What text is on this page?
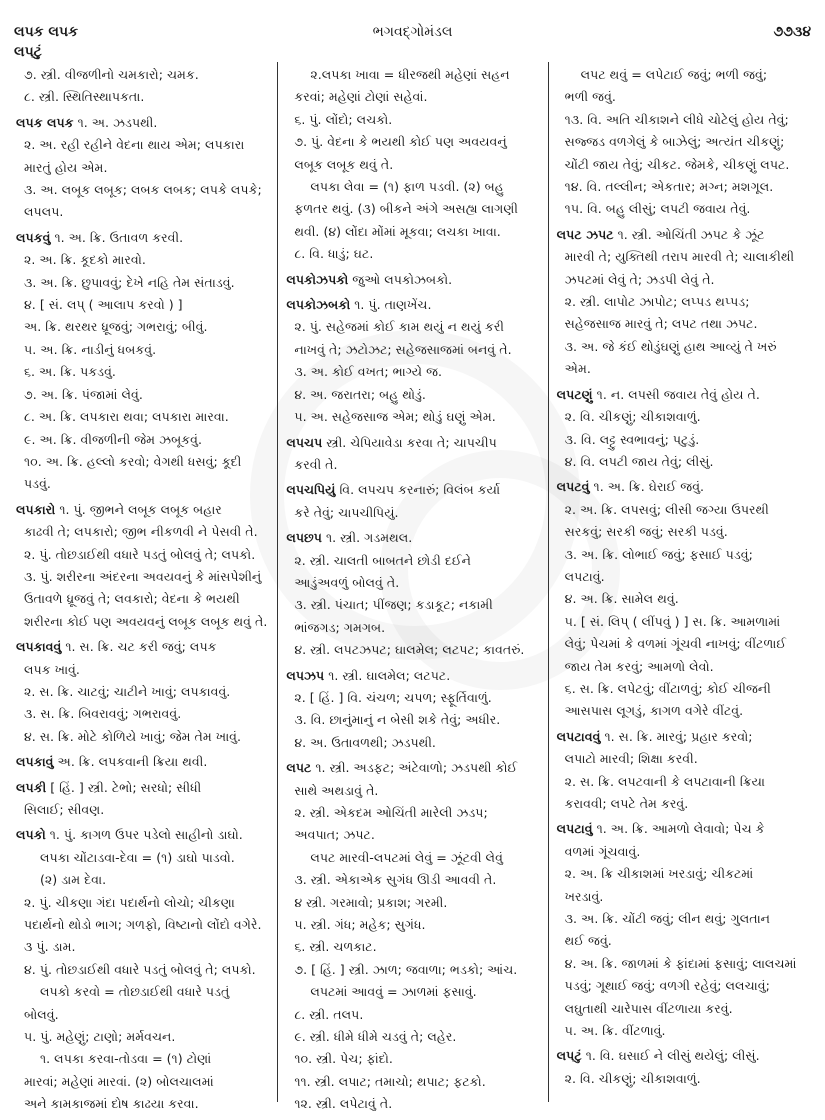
લપક લપક	ભગવદ્ગોમંડલ	૭૭૩૪
લપટું
૭. સ્ત્રી. વીજળીનો ચમકારો; ચમક.
૮. સ્ત્રી. સ્થિતિસ્થાપકતા.
લપક લપક ૧. અ. ઝડપથી.
૨. અ. રહી રહીને વેદના થાય એમ; લપકારા
મારતું હોય એમ.
૩. અ. લબૂક લબૂક; લબક લબક; લપકે લપકે;
લપલપ.
લપકવું ૧. અ. ક્રિ. ઉતાવળ કરવી.
૨. અ. ક્રિ. કૂદકો મારવો.
૩. અ. ક્રિ. છુપાવવું; દેખે નહિ તેમ સંતાડવું.
૪. [ સં. લપ્ ( આલાપ કરવો ) ]
અ. ક્રિ. થરથર ધ્રૂજવું; ગભરાવું; બીવું.
૫. અ. ક્રિ. નાડીનું ધબકવું.
૬. અ. ક્રિ. પકડવું.
૭. અ. ક્રિ. પંજામાં લેવું.
૮. અ. ક્રિ. લપકારા થવા; લપકારા મારવા.
૯. અ. ક્રિ. વીજળીની જેમ ઝબૂકવું.
૧૦. અ. ક્રિ. હલ્લો કરવો; વેગથી ધસવું; કૂદી
પડવું.
લપકારો ૧. પું. જીભને લબૂક લબૂક બહાર
કાઢવી તે; લપકારો; જીભ નીકળવી ને પેસવી તે.
૨. પું. તોછડાઈથી વધારે પડતું બોલવું તે; લપકો.
૩. પું. શરીરના અંદરના અવયવનું કે માંસપેશીનું
ઉતાવળે ધ્રૂજવું તે; લવકારો; વેદના કે ભયથી
શરીરના કોઈ પણ અવયવનું લબૂક લબૂક થવું તે.
લપકાવવું ૧. સ. ક્રિ. ચટ કરી જવું; લપક
લપક ખાવું.
૨. સ. ક્રિ. ચાટવું; ચાટીને ખાવું; લપકાવવું.
૩. સ. ક્રિ. બિવરાવવું; ગભરાવવું.
૪. સ. ક્રિ. મોટે કોળિયે ખાવું; જેમ તેમ ખાવું.
લપકાવું અ. ક્રિ. લપકવાની ક્રિયા થવી.
લપકી [ હિં. ] સ્ત્રી. ટેભો; સરધો; સીધી
સિલાઈ; સીવણ.
લપકો ૧. પું. કાગળ ઉપર પડેલો સાહીનો ડાઘો.
લપકા ચોંટાડવા-દેવા = (૧) ડાઘો પાડવો.
(૨) ડામ દેવા.
૨. પું. ચીકણા ગંદા પદાર્થનો લોચો; ચીકણા
પદાર્થનો થોડો ભાગ; ગળફો, વિષ્ટાનો લોંદો વગેરે.
૩ પું. ડામ.
૪. પું. તોછડાઈથી વધારે પડતું બોલવું તે; લપકો.
લપકો કરવો = તોછડાઈથી વધારે પડતું
બોલવું.
૫. પું. મહેણું; ટાણો; મર્મવચન.
૧. લપકા કરવા-તોડવા = (૧) ટોણાં
મારવાં; મહેણાં મારવાં. (૨) બોલચાલમાં
અને કામકાજમાં દોષ કાઢયા કરવા.
૨.લપકા ખાવા = ધીરજથી મહેણાં સહન
કરવાં; મહેણાં ટોણાં સહેવાં.
૬. પું. લોંદો; લચકો.
૭. પું. વેદના કે ભયથી કોઈ પણ અવયવનું
લબૂક લબૂક થવું તે.
લપકા લેવા = (૧) ફાળ પડવી. (૨) બહુ
ફળતર થવું. (૩) બીકને અંગે અસહ્ય લાગણી
થવી. (૪) લોંદા મોંમાં મૂકવા; લચકા ખાવા.
૮. વિ. ધાડું; ઘટ.
લપકોઝપકો જુઓ લપકોઝબકો.
લપકોઝબકો ૧. પું. તાણખેંચ.
૨. પું. સહેજમાં કોઈ કામ થયું ન થયું કરી
નાખવું તે; ઝટોઝટ; સહેજસાજમાં બનવું તે.
૩. અ. કોઈ વખત; ભાગ્યે જ.
૪. અ. જરાતરા; બહુ થોડું.
૫. અ. સહેજસાજ એમ; થોડું ઘણું એમ.
લપચપ સ્ત્રી. ચેપિયાવેડા કરવા તે; ચાપચીપ
કરવી તે.
લપચપિયું વિ. લપચપ કરનારું; વિલંબ કર્યા
કરે તેવું; ચાપચીપિયું.
લપછપ ૧. સ્ત્રી. ગડમથલ.
૨. સ્ત્રી. ચાલતી બાબતને છોડી દઈને
આડુંઅવળું બોલવું તે.
૩. સ્ત્રી. પંચાત; પીંજણ; કડાકૂટ; નકામી
ભાંજગડ; ગમગબ.
૪. સ્ત્રી. લપટઝપટ; ઘાલમેલ; લટપટ; કાવતરું.
લપઝપ ૧. સ્ત્રી. ઘાલમેલ; લટપટ.
૨. [ હિં. ] વિ. ચંચળ; ચપળ; સ્ફૂર્તિવાળું.
૩. વિ. છાનુંમાનું ન બેસી શકે તેવું; અધીર.
૪. અ. ઉતાવળથી; ઝડપથી.
લપટ ૧. સ્ત્રી. અડફટ; અંટેવાળો; ઝડપથી કોઈ
સાથે અથડાવું તે.
૨. સ્ત્રી. એકદમ ઓચિંતી મારેલી ઝડપ;
અવપાત; ઝપટ.
લપટ મારવી-લપટમાં લેવું = ઝૂંટવી લેવું
૩. સ્ત્રી. એકાએક સુગંધ ઊડી આવવી તે.
૪ સ્ત્રી. ગરમાવો; પ્રકાશ; ગરમી.
૫. સ્ત્રી. ગંધ; મહેક; સુગંધ.
૬. સ્ત્રી. ચળકાટ.
૭. [ હિં. ] સ્ત્રી. ઝાળ; જવાળા; ભડકો; આંચ.
લપટમાં આવવું = ઝાળમાં ફસાવું.
૮. સ્ત્રી. તલપ.
૯. સ્ત્રી. ધીમે ધીમે ચડવું તે; લહેર.
૧૦. સ્ત્રી. પેચ; ફાંદો.
૧૧. સ્ત્રી. લપાટ; તમાચો; થપાટ; ફટકો.
૧૨. સ્ત્રી. લપેટાવું તે.
લપટ થવું = લપેટાઈ જવું; ભળી જવું;
ભળી જવું.
૧૩. વિ. અતિ ચીકાશને લીધે ચોટેલું હોય તેવું;
સજ્જડ વળગેલું કે બાઝેલું; અત્યંત ચીકણું;
ચોંટી જાય તેવું; ચીકટ. જેમકે, ચીકણું લપટ.
૧૪. વિ. તલ્લીન; એકતાર; મગ્ન; મશગૂલ.
૧૫. વિ. બહુ લીસું; લપટી જવાય તેવું.
લપટ ઝપટ ૧. સ્ત્રી. ઓચિંતી ઝપટ કે ઝૂંટ
મારવી તે; યુક્તિથી તરાપ મારવી તે; ચાલાકીથી
ઝપટમાં લેવું તે; ઝડપી લેવું તે.
૨. સ્ત્રી. લાપોટ ઝાપોટ; લપ્પડ થપ્પડ;
સહેજસાજ મારવું તે; લપટ તથા ઝપટ.
૩. અ. જે કંઈ થોડુંઘણું હાથ આવ્યું તે ખરું
એમ.
લપટણું ૧. ન. લપસી જવાય તેવું હોય તે.
૨. વિ. ચીકણું; ચીકાશવાળું.
૩. વિ. લટ્ટુ સ્વભાવનું; પટુડું.
૪. વિ. લપટી જાય તેવું; લીસું.
લપટવું ૧. અ. ક્રિ. ઘેરાઈ જવું.
૨. અ. ક્રિ. લપસવું; લીસી જગ્યા ઉપરથી
સરકવું; સરકી જવું; સરકી પડવું.
૩. અ. ક્રિ. લોભાઈ જવું; ફસાઈ પડવું;
લપટાવું.
૪. અ. ક્રિ. સામેલ થવું.
૫. [ સં. લિપ્ ( લીંપવું ) ] સ. ક્રિ. આમળામાં
લેવું; પેચમાં કે વળમાં ગૂંચવી નાખવું; વીંટળાઈ
જાય તેમ કરવું; આમળો લેવો.
૬. સ. ક્રિ. લપેટવું; વીંટાળવું; કોઈ ચીજની
આસપાસ લૂગડું, કાગળ વગેરે વીંટવું.
લપટાવવું ૧. સ. ક્રિ. મારવું; પ્રહાર કરવો;
લપાટો મારવી; શિક્ષા કરવી.
૨. સ. ક્રિ. લપટવાની કે લપટાવાની ક્રિયા
કરાવવી; લપટે તેમ કરવું.
લપટાવું ૧. અ. ક્રિ. આમળો લેવાવો; પેચ કે
વળમાં ગૂંચવાવું.
૨. અ. ક્રિ ચીકાશમાં ખરડાવું; ચીકટમાં
ખરડાવું.
૩. અ. ક્રિ. ચોંટી જવું; લીન થવું; ગુલતાન
થઈ જવું.
૪. અ. ક્રિ. જાળમાં કે ફાંદામાં ફસાવું; લાલચમાં
પડવું; ગૂથાઈ જવું; વળગી રહેવું; લલચાવું;
લઘુતાથી ચારેપાસ વીંટળાયા કરવું.
૫. અ. ક્રિ. વીંટળાવું.
લપટું ૧. વિ. ઘસાઈ ને લીસું થયેલું; લીસું.
૨. વિ. ચીકણું; ચીકાશવાળું.
